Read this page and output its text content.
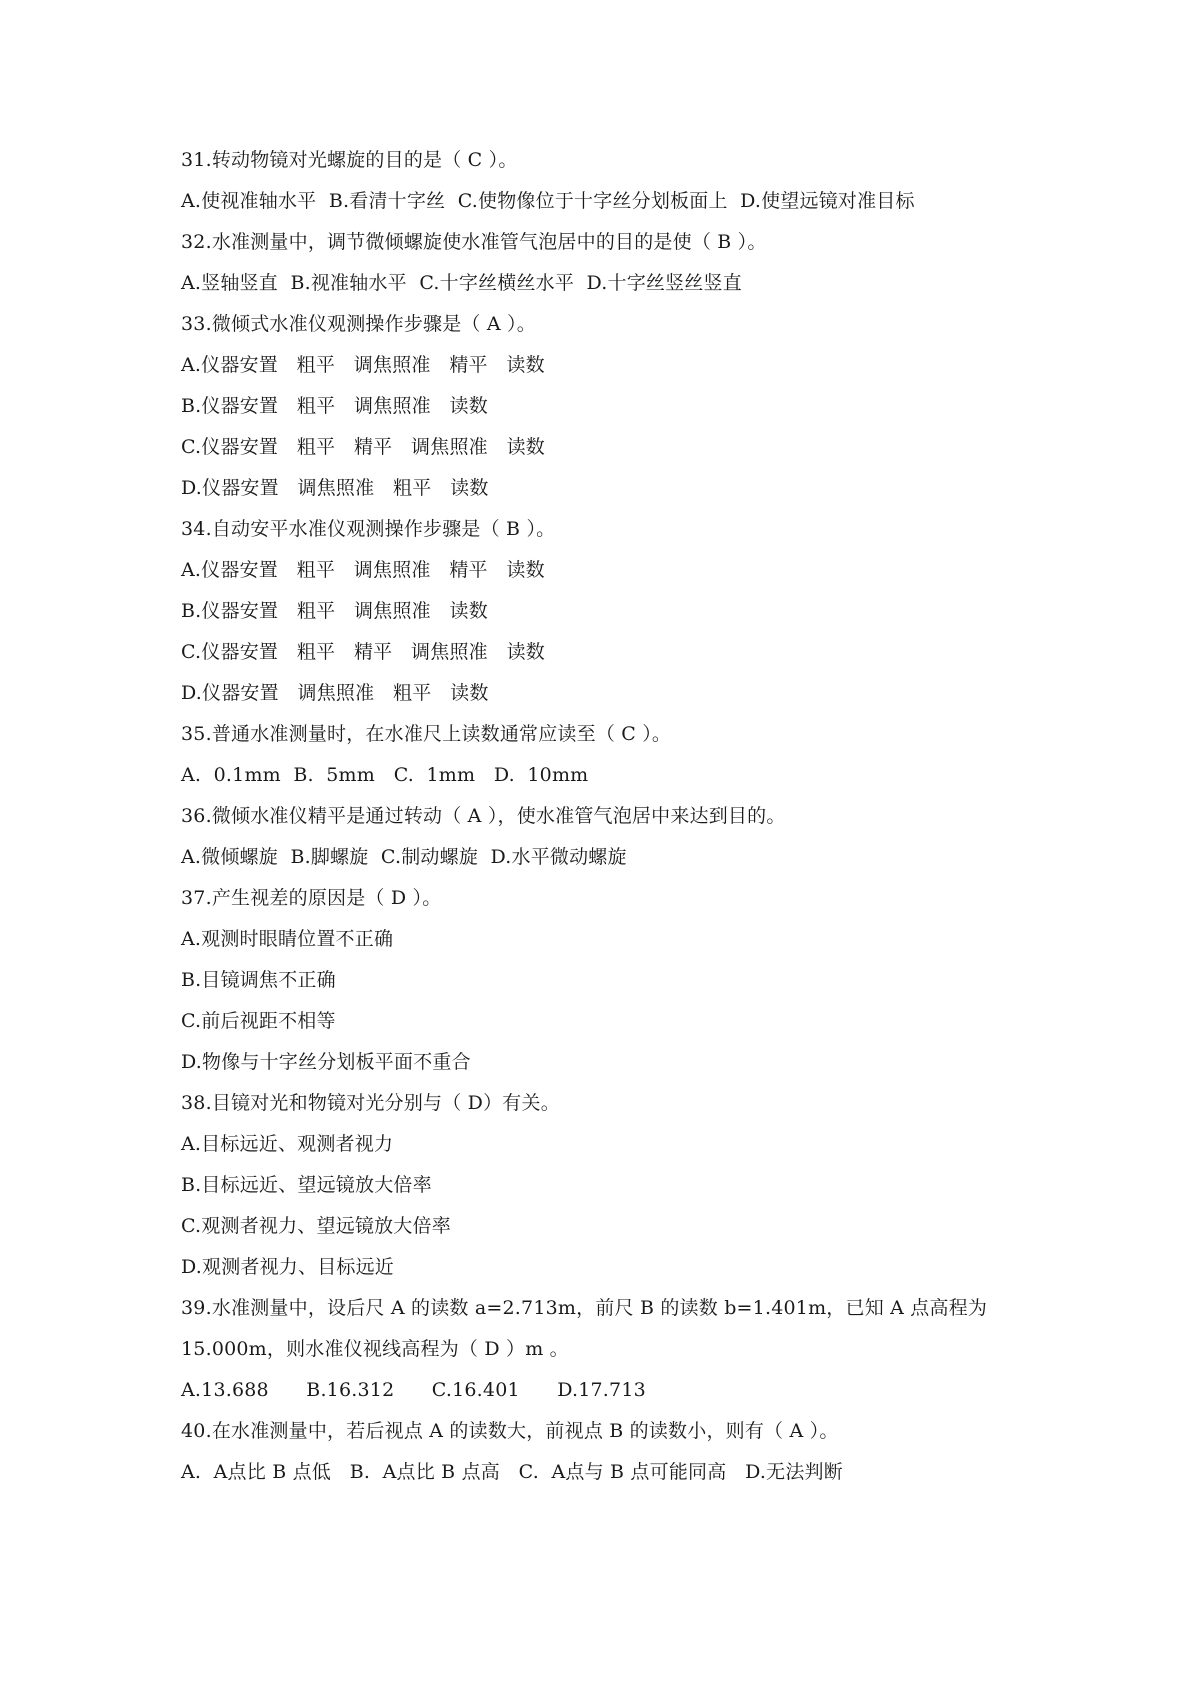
31.转动物镜对光螺旋的目的是（ C ）。
A.使视准轴水平  B.看清十字丝  C.使物像位于十字丝分划板面上  D.使望远镜对准目标
32.水准测量中，调节微倾螺旋使水准管气泡居中的目的是使（ B ）。
A.竖轴竖直  B.视准轴水平  C.十字丝横丝水平  D.十字丝竖丝竖直
33.微倾式水准仪观测操作步骤是（ A ）。
A.仪器安置   粗平   调焦照准   精平   读数
B.仪器安置   粗平   调焦照准   读数
C.仪器安置   粗平   精平   调焦照准   读数
D.仪器安置   调焦照准   粗平   读数
34.自动安平水准仪观测操作步骤是（ B ）。
A.仪器安置   粗平   调焦照准   精平   读数
B.仪器安置   粗平   调焦照准   读数
C.仪器安置   粗平   精平   调焦照准   读数
D.仪器安置   调焦照准   粗平   读数
35.普通水准测量时，在水准尺上读数通常应读至（ C ）。
A.  0.1mm  B.  5mm   C.  1mm   D.  10mm
36.微倾水准仪精平是通过转动（ A ），使水准管气泡居中来达到目的。
A.微倾螺旋  B.脚螺旋  C.制动螺旋  D.水平微动螺旋
37.产生视差的原因是（ D ）。
A.观测时眼睛位置不正确
B.目镜调焦不正确
C.前后视距不相等
D.物像与十字丝分划板平面不重合
38.目镜对光和物镜对光分别与（ D）有关。
A.目标远近、观测者视力
B.目标远近、望远镜放大倍率
C.观测者视力、望远镜放大倍率
D.观测者视力、目标远近
39.水准测量中，设后尺 A 的读数 a=2.713m，前尺 B 的读数 b=1.401m，已知 A 点高程为
15.000m，则水准仪视线高程为（ D ）m 。
A.13.688      B.16.312      C.16.401      D.17.713
40.在水准测量中，若后视点 A 的读数大，前视点 B 的读数小，则有（ A ）。
A.  A点比 B 点低   B.  A点比 B 点高   C.  A点与 B 点可能同高   D.无法判断
